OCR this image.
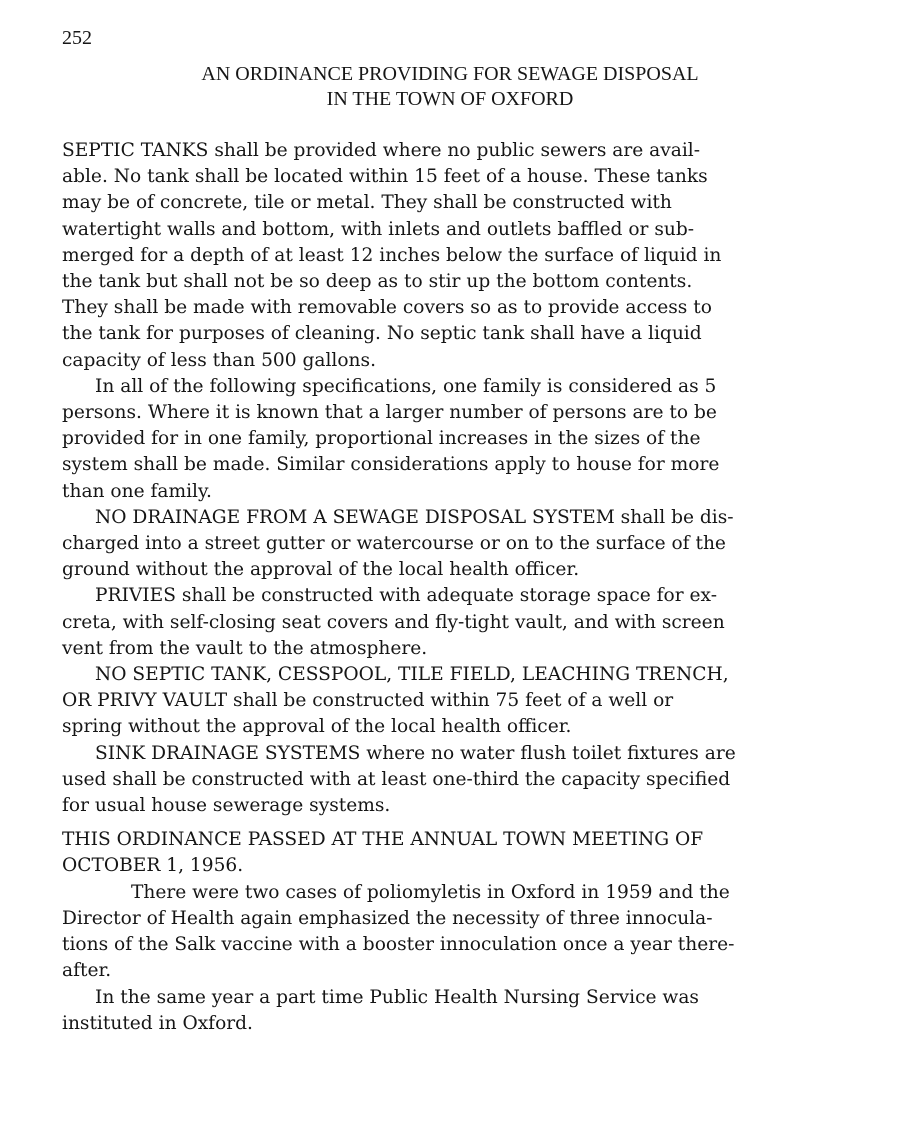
252
AN ORDINANCE PROVIDING FOR SEWAGE DISPOSAL
IN THE TOWN OF OXFORD
SEPTIC TANKS shall be provided where no public sewers are avail-
able. No tank shall be located within 15 feet of a house. These tanks
may be of concrete, tile or metal. They shall be constructed with
watertight walls and bottom, with inlets and outlets baffled or sub-
merged for a depth of at least 12 inches below the surface of liquid in
the tank but shall not be so deep as to stir up the bottom contents.
They shall be made with removable covers so as to provide access to
the tank for purposes of cleaning. No septic tank shall have a liquid
capacity of less than 500 gallons.
In all of the following specifications, one family is considered as 5
persons. Where it is known that a larger number of persons are to be
provided for in one family, proportional increases in the sizes of the
system shall be made. Similar considerations apply to house for more
than one family.
NO DRAINAGE FROM A SEWAGE DISPOSAL SYSTEM shall be dis-
charged into a street gutter or watercourse or on to the surface of the
ground without the approval of the local health officer.
PRIVIES shall be constructed with adequate storage space for ex-
creta, with self-closing seat covers and fly-tight vault, and with screen
vent from the vault to the atmosphere.
NO SEPTIC TANK, CESSPOOL, TILE FIELD, LEACHING TRENCH,
OR PRIVY VAULT shall be constructed within 75 feet of a well or
spring without the approval of the local health officer.
SINK DRAINAGE SYSTEMS where no water flush toilet fixtures are
used shall be constructed with at least one-third the capacity specified
for usual house sewerage systems.
THIS ORDINANCE PASSED AT THE ANNUAL TOWN MEETING OF
OCTOBER 1, 1956.
There were two cases of poliomyletis in Oxford in 1959 and the
Director of Health again emphasized the necessity of three innocula-
tions of the Salk vaccine with a booster innoculation once a year there-
after.
In the same year a part time Public Health Nursing Service was
instituted in Oxford.
